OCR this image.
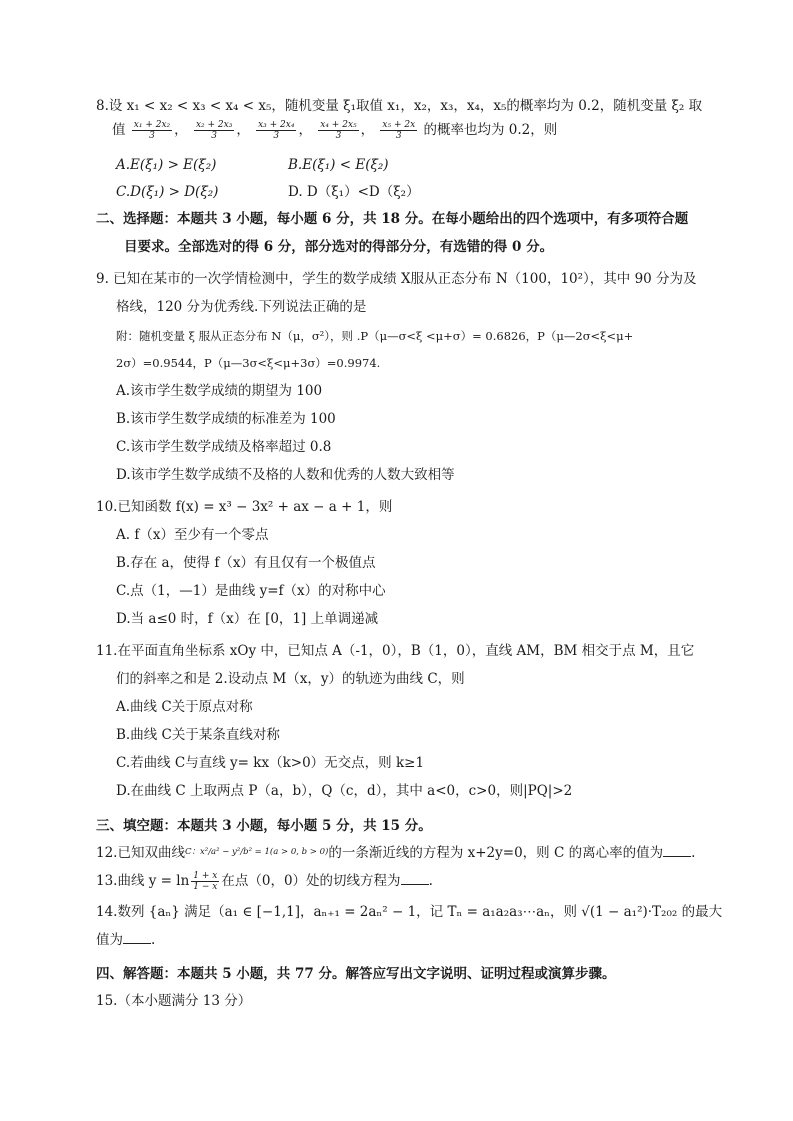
8.设 x₁ < x₂ < x₃ < x₄ < x₅，随机变量 ξ₁取值 x₁，x₂，x₃，x₄，x₅的概率均为 0.2，随机变量 ξ₂ 取
值 $\frac{\text{x₁ + 2x₂}}{3}$ ， $\frac{\text{x₂ + 2x₃}}{3}$ ， $\frac{\text{x₃ + 2x₄}}{3}$ ， $\frac{\text{x₄ + 2x₅}}{3}$ ， $\frac{\text{x₅ + 2x}}{3}$ 的概率也均为 0.2，则
A.E(ξ₁) > E(ξ₂)	B.E(ξ₁) < E(ξ₂)
C.D(ξ₁) > D(ξ₂)	D. D（ξ₁）<D（ξ₂）
二、选择题：本题共 3 小题，每小题 6 分，共 18 分。在每小题给出的四个选项中，有多项符合题
目要求。全部选对的得 6 分，部分选对的得部分分，有选错的得 0 分。
9. 已知在某市的一次学情检测中，学生的数学成绩 X服从正态分布 N（100，10²），其中 90 分为及
格线，120 分为优秀线.下列说法正确的是
附：随机变量 ξ 服从正态分布 N（μ，σ²），则 .P（μ—σ<ξ <μ+σ）= 0.6826，P（μ—2σ<ξ<μ+
2σ）=0.9544，P（μ—3σ<ξ<μ+3σ）=0.9974.
A.该市学生数学成绩的期望为 100
B.该市学生数学成绩的标准差为 100
C.该市学生数学成绩及格率超过 0.8
D.该市学生数学成绩不及格的人数和优秀的人数大致相等
10.已知函数 f(x) = x³ − 3x² + ax − a + 1，则
A. f（x）至少有一个零点
B.存在 a，使得 f（x）有且仅有一个极值点
C.点（1，—1）是曲线 y=f（x）的对称中心
D.当 a≤0 时，f（x）在 [0，1] 上单调递减
11.在平面直角坐标系 xOy 中，已知点 A（-1，0），B（1，0），直线 AM，BM 相交于点 M，且它
们的斜率之和是 2.设动点 M（x，y）的轨迹为曲线 C，则
A.曲线 C关于原点对称
B.曲线 C关于某条直线对称
C.若曲线 C与直线 y= kx（k>0）无交点，则 k≥1
D.在曲线 C 上取两点 P（a，b），Q（c，d），其中 a<0，c>0，则|PQ|>2
三、填空题：本题共 3 小题，每小题 5 分，共 15 分。
12.已知双曲线$^{C:x^2/a^2 - y^2/b^2 = 1(a > 0, b > 0)}$的一条渐近线的方程为 x+2y=0，则 C 的离心率的值为 .
13.曲线 $y = \ln \frac{1 + x}{1 - x}$ 在点（0，0）处的切线方程为 .
14.数列 {aₙ} 满足（a₁ ∈ [−1,1]，aₙ₊₁ = 2aₙ² − 1，记 Tₙ = a₁a₂a₃⋯aₙ，则 √(1 − a₁²)·T₂₀₂ 的最大
值为 .
四、解答题：本题共 5 小题，共 77 分。解答应写出文字说明、证明过程或演算步骤。
15.（本小题满分 13 分）
